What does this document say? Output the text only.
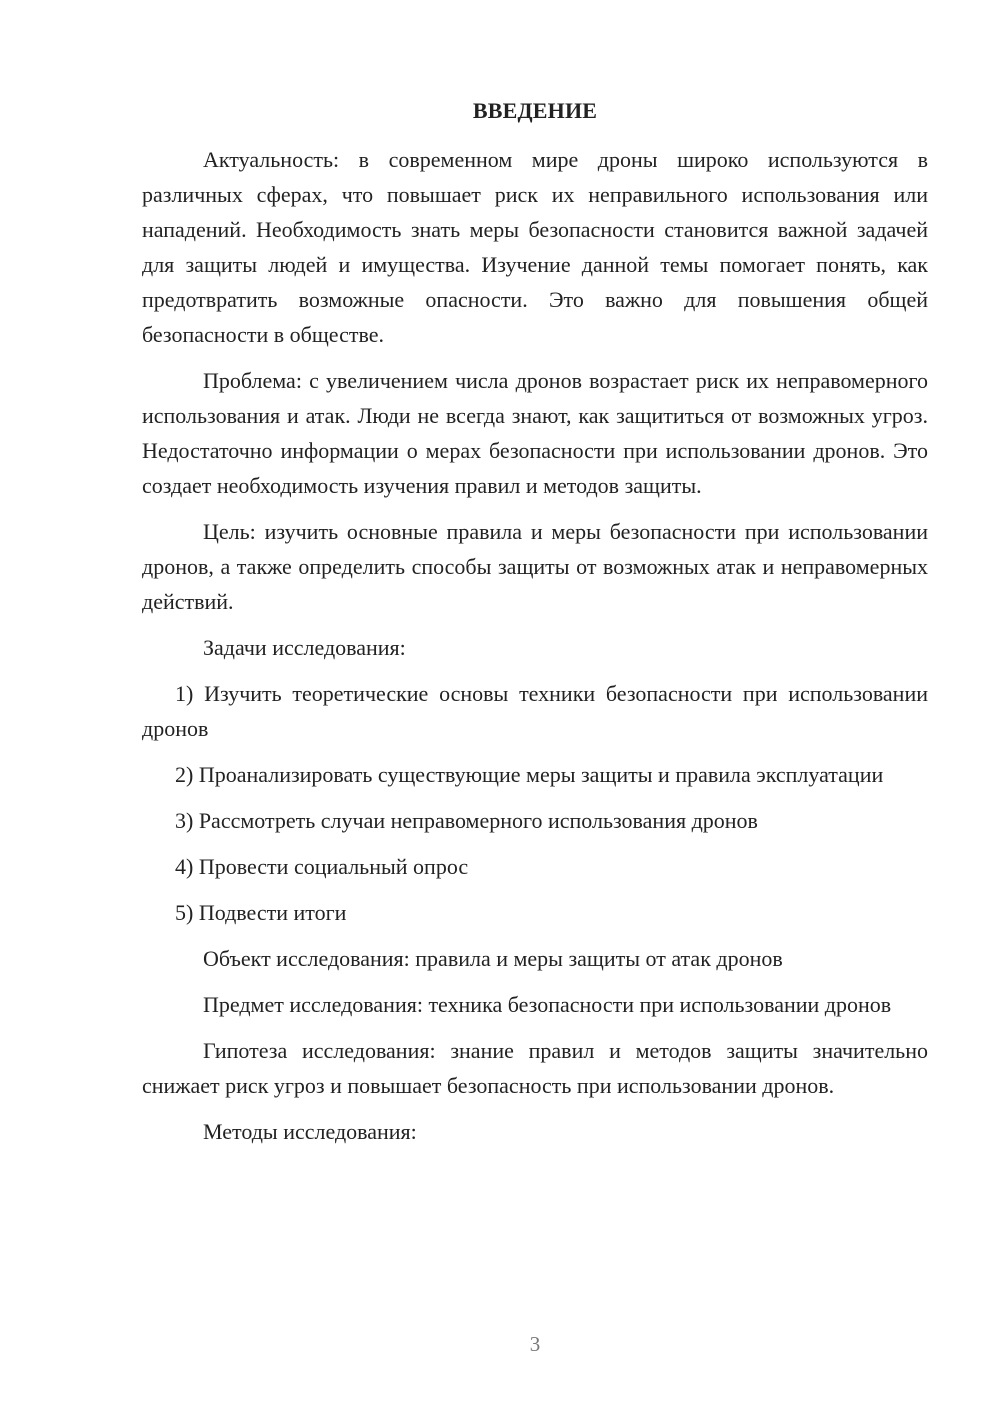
ВВЕДЕНИЕ

Актуальность: в современном мире дроны широко используются в различных сферах, что повышает риск их неправильного использования или нападений. Необходимость знать меры безопасности становится важной задачей для защиты людей и имущества. Изучение данной темы помогает понять, как предотвратить возможные опасности. Это важно для повышения общей безопасности в обществе.

Проблема: с увеличением числа дронов возрастает риск их неправомерного использования и атак. Люди не всегда знают, как защититься от возможных угроз. Недостаточно информации о мерах безопасности при использовании дронов. Это создает необходимость изучения правил и методов защиты.

Цель: изучить основные правила и меры безопасности при использовании дронов, а также определить способы защиты от возможных атак и неправомерных действий.

Задачи исследования:

1) Изучить теоретические основы техники безопасности при использовании дронов

2) Проанализировать существующие меры защиты и правила эксплуатации

3) Рассмотреть случаи неправомерного использования дронов

4) Провести социальный опрос

5) Подвести итоги

Объект исследования: правила и меры защиты от атак дронов

Предмет исследования: техника безопасности при использовании дронов

Гипотеза исследования: знание правил и методов защиты значительно снижает риск угроз и повышает безопасность при использовании дронов.

Методы исследования:

3
